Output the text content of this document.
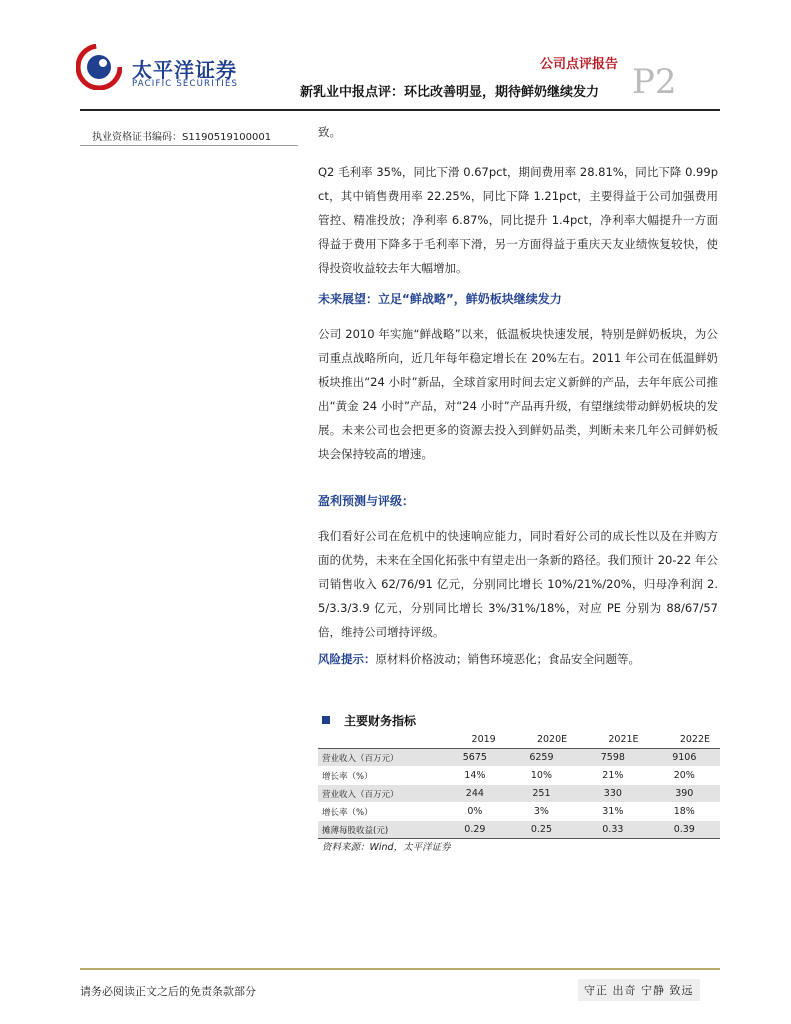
太平洋证券
PACIFIC SECURITIES
公司点评报告
新乳业中报点评：环比改善明显，期待鲜奶继续发力 P2
执业资格证书编码：S1190519100001	致。
Q2 毛利率 35%，同比下滑 0.67pct，期间费用率 28.81%，同比下降 0.99pct，其中销售费用率 22.25%，同比下降 1.21pct，主要得益于公司加强费用管控、精准投放；净利率 6.87%，同比提升 1.4pct，净利率大幅提升一方面得益于费用下降多于毛利率下滑，另一方面得益于重庆天友业绩恢复较快，使得投资收益较去年大幅增加。
未来展望：立足“鲜战略”，鲜奶板块继续发力
公司 2010 年实施“鲜战略”以来，低温板块快速发展，特别是鲜奶板块，为公司重点战略所向，近几年每年稳定增长在 20%左右。2011 年公司在低温鲜奶板块推出“24 小时”新品，全球首家用时间去定义新鲜的产品，去年年底公司推出“黄金 24 小时”产品，对“24 小时”产品再升级，有望继续带动鲜奶板块的发展。未来公司也会把更多的资源去投入到鲜奶品类，判断未来几年公司鲜奶板块会保持较高的增速。
盈利预测与评级：
我们看好公司在危机中的快速响应能力，同时看好公司的成长性以及在并购方面的优势，未来在全国化拓张中有望走出一条新的路径。我们预计 20-22 年公司销售收入 62/76/91 亿元，分别同比增长 10%/21%/20%，归母净利润 2.5/3.3/3.9 亿元，分别同比增长 3%/31%/18%，对应 PE 分别为 88/67/57 倍，维持公司增持评级。
风险提示：原材料价格波动；销售环境恶化；食品安全问题等。
主要财务指标
	2019	2020E	2021E	2022E
营业收入（百万元）	5675	6259	7598	9106
增长率（%）	14%	10%	21%	20%
营业收入（百万元）	244	251	330	390
增长率（%）	0%	3%	31%	18%
摊薄每股收益(元)	0.29	0.25	0.33	0.39
资料来源：Wind，太平洋证券
请务必阅读正文之后的免责条款部分	守正 出奇 宁静 致远
